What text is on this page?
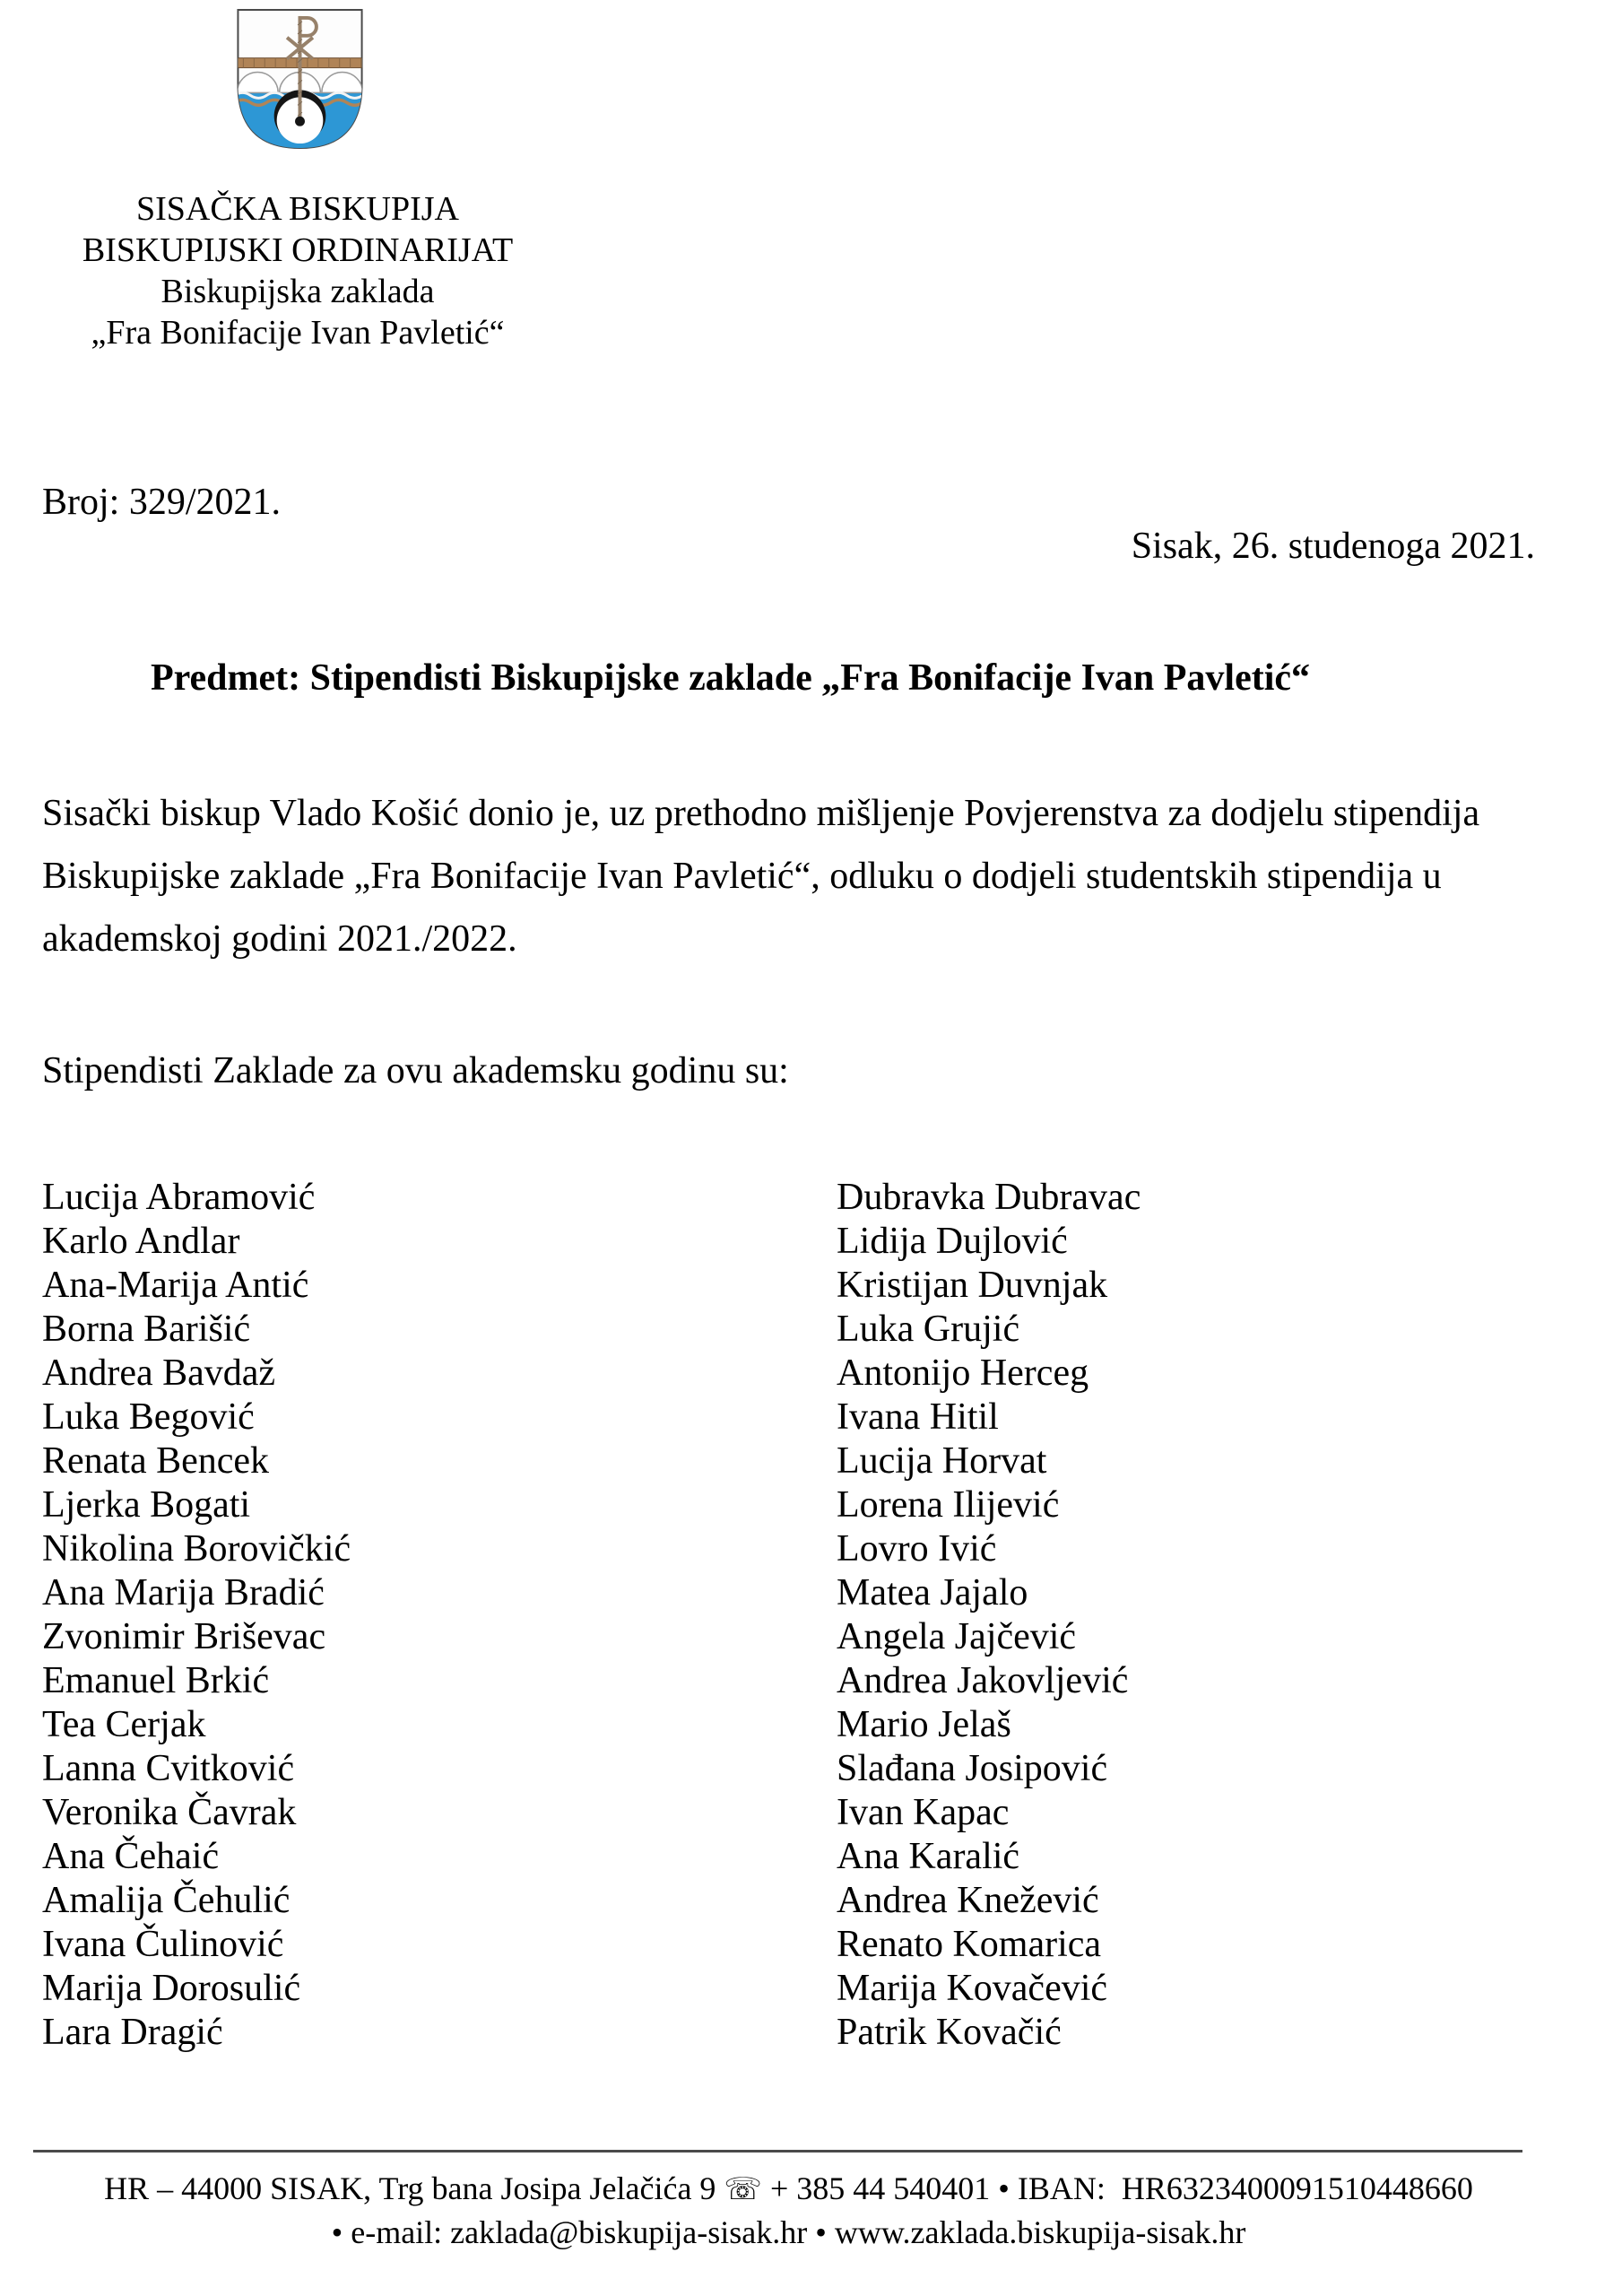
SISAČKA BISKUPIJA
BISKUPIJSKI ORDINARIJAT
Biskupijska zaklada
„Fra Bonifacije Ivan Pavletić“
Broj: 329/2021.
Sisak, 26. studenoga 2021.
Predmet: Stipendisti Biskupijske zaklade „Fra Bonifacije Ivan Pavletić“
Sisački biskup Vlado Košić donio je, uz prethodno mišljenje Povjerenstva za dodjelu stipendija
Biskupijske zaklade „Fra Bonifacije Ivan Pavletić“, odluku o dodjeli studentskih stipendija u
akademskoj godini 2021./2022.
Stipendisti Zaklade za ovu akademsku godinu su:
Lucija Abramović
Karlo Andlar
Ana-Marija Antić
Borna Barišić
Andrea Bavdaž
Luka Begović
Renata Bencek
Ljerka Bogati
Nikolina Borovičkić
Ana Marija Bradić
Zvonimir Briševac
Emanuel Brkić
Tea Cerjak
Lanna Cvitković
Veronika Čavrak
Ana Čehaić
Amalija Čehulić
Ivana Čulinović
Marija Dorosulić
Lara Dragić
Dubravka Dubravac
Lidija Dujlović
Kristijan Duvnjak
Luka Grujić
Antonijo Herceg
Ivana Hitil
Lucija Horvat
Lorena Ilijević
Lovro Ivić
Matea Jajalo
Angela Jajčević
Andrea Jakovljević
Mario Jelaš
Slađana Josipović
Ivan Kapac
Ana Karalić
Andrea Knežević
Renato Komarica
Marija Kovačević
Patrik Kovačić
HR – 44000 SISAK, Trg bana Josipa Jelačića 9 ☏ + 385 44 540401 • IBAN:  HR6323400091510448660
• e-mail: zaklada@biskupija-sisak.hr • www.zaklada.biskupija-sisak.hr
